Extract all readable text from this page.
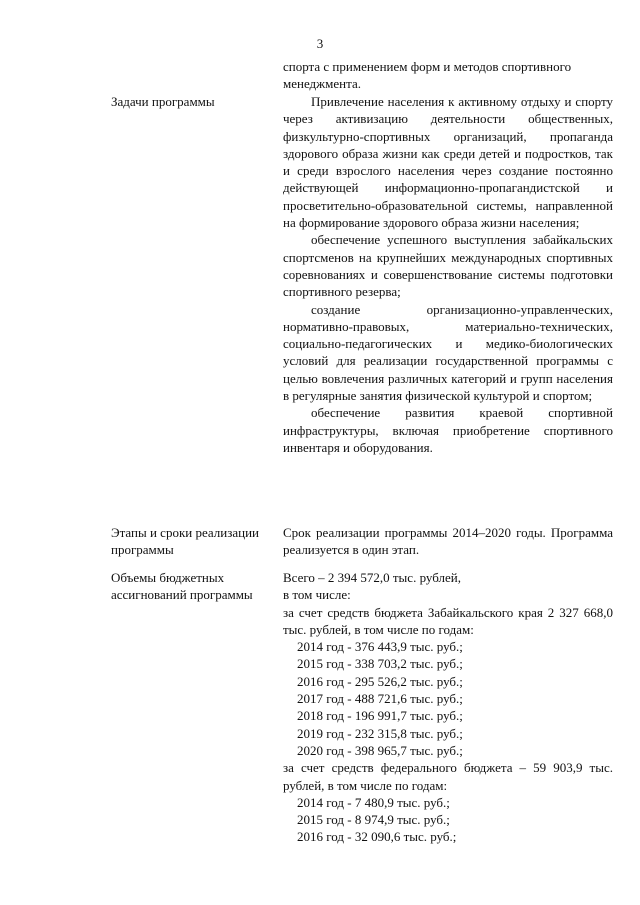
3

спорта с применением форм и методов спортивного менеджмента.

Задачи программы	Привлечение населения к активному отдыху и спорту через активизацию деятельности общественных, физкультурно-спортивных организаций, пропаганда здорового образа жизни как среди детей и подростков, так и среди взрослого населения через создание постоянно действующей информационно-пропагандистской и просветительно-образовательной системы, направленной на формирование здорового образа жизни населения;

обеспечение успешного выступления забайкальских спортсменов на крупнейших международных спортивных соревнованиях и совершенствование системы подготовки спортивного резерва;

создание организационно-управленческих, нормативно-правовых, материально-технических, социально-педагогических и медико-биологических условий для реализации государственной программы с целью вовлечения различных категорий и групп населения в регулярные занятия физической культурой и спортом;

обеспечение развития краевой спортивной инфраструктуры, включая приобретение спортивного инвентаря и оборудования.

Этапы и сроки реализации программы

Срок реализации программы 2014–2020 годы. Программа реализуется в один этап.

Объемы бюджетных ассигнований программы

Всего – 2 394 572,0 тыс. рублей,

в том числе:

за счет средств бюджета Забайкальского края 2 327 668,0 тыс. рублей, в том числе по годам:

2014 год - 376 443,9 тыс. руб.;

2015 год - 338 703,2 тыс. руб.;

2016 год - 295 526,2 тыс. руб.;

2017 год - 488 721,6 тыс. руб.;

2018 год - 196 991,7 тыс. руб.;

2019 год - 232 315,8 тыс. руб.;

2020 год - 398 965,7 тыс. руб.;

за счет средств федерального бюджета – 59 903,9 тыс. рублей, в том числе по годам:

2014 год - 7 480,9 тыс. руб.;

2015 год - 8 974,9 тыс. руб.;

2016 год - 32 090,6 тыс. руб.;
